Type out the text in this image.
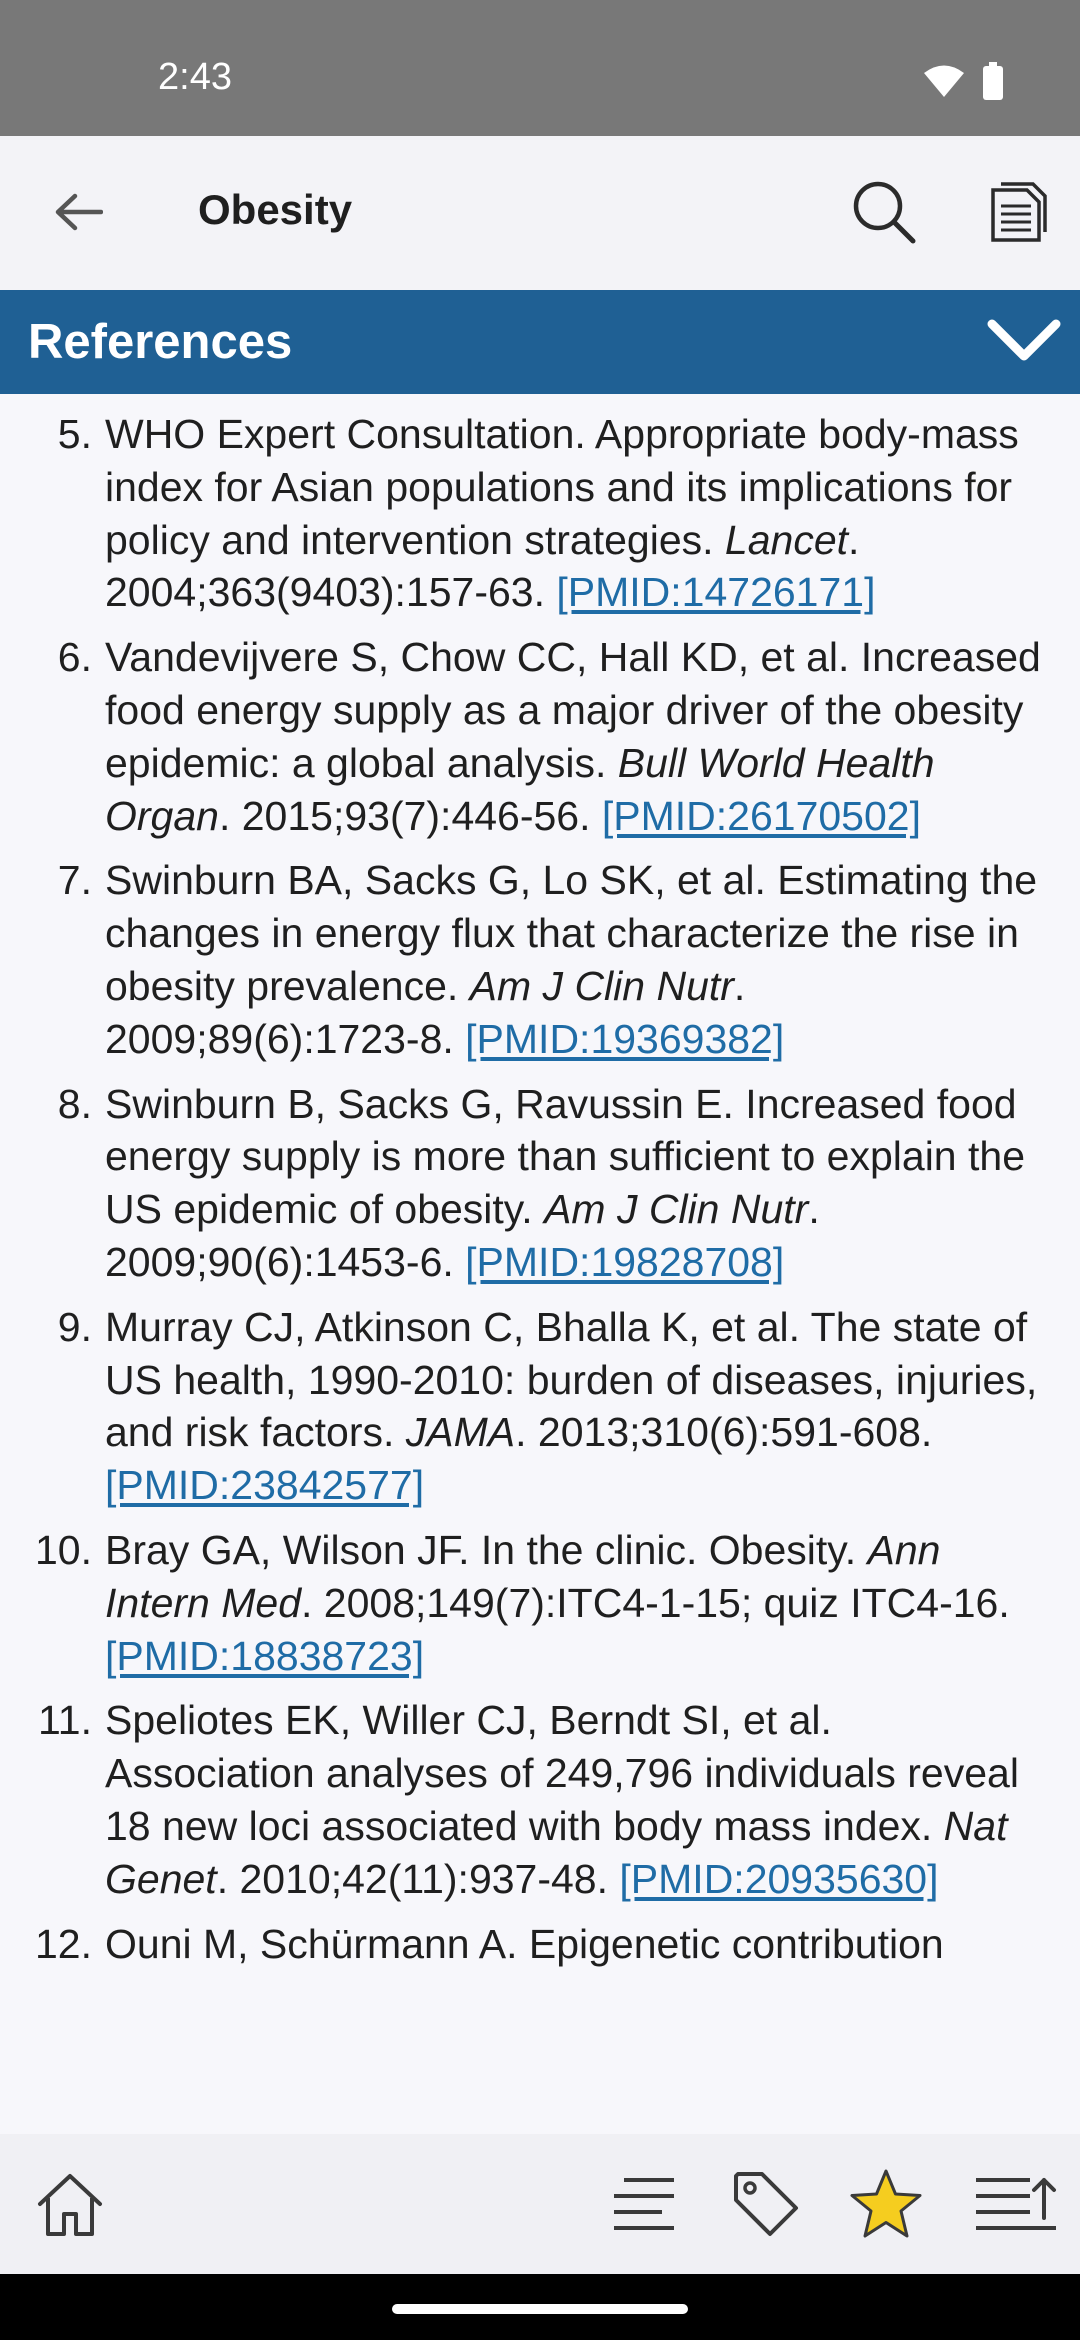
2:43
Obesity
References
5. WHO Expert Consultation. Appropriate body-mass index for Asian populations and its implications for policy and intervention strategies. Lancet. 2004;363(9403):157-63. [PMID:14726171]
6. Vandevijvere S, Chow CC, Hall KD, et al. Increased food energy supply as a major driver of the obesity epidemic: a global analysis. Bull World Health Organ. 2015;93(7):446-56. [PMID:26170502]
7. Swinburn BA, Sacks G, Lo SK, et al. Estimating the changes in energy flux that characterize the rise in obesity prevalence. Am J Clin Nutr. 2009;89(6):1723-8. [PMID:19369382]
8. Swinburn B, Sacks G, Ravussin E. Increased food energy supply is more than sufficient to explain the US epidemic of obesity. Am J Clin Nutr. 2009;90(6):1453-6. [PMID:19828708]
9. Murray CJ, Atkinson C, Bhalla K, et al. The state of US health, 1990-2010: burden of diseases, injuries, and risk factors. JAMA. 2013;310(6):591-608. [PMID:23842577]
10. Bray GA, Wilson JF. In the clinic. Obesity. Ann Intern Med. 2008;149(7):ITC4-1-15; quiz ITC4-16. [PMID:18838723]
11. Speliotes EK, Willer CJ, Berndt SI, et al. Association analyses of 249,796 individuals reveal 18 new loci associated with body mass index. Nat Genet. 2010;42(11):937-48. [PMID:20935630]
12. Ouni M, Schürmann A. Epigenetic contribution
